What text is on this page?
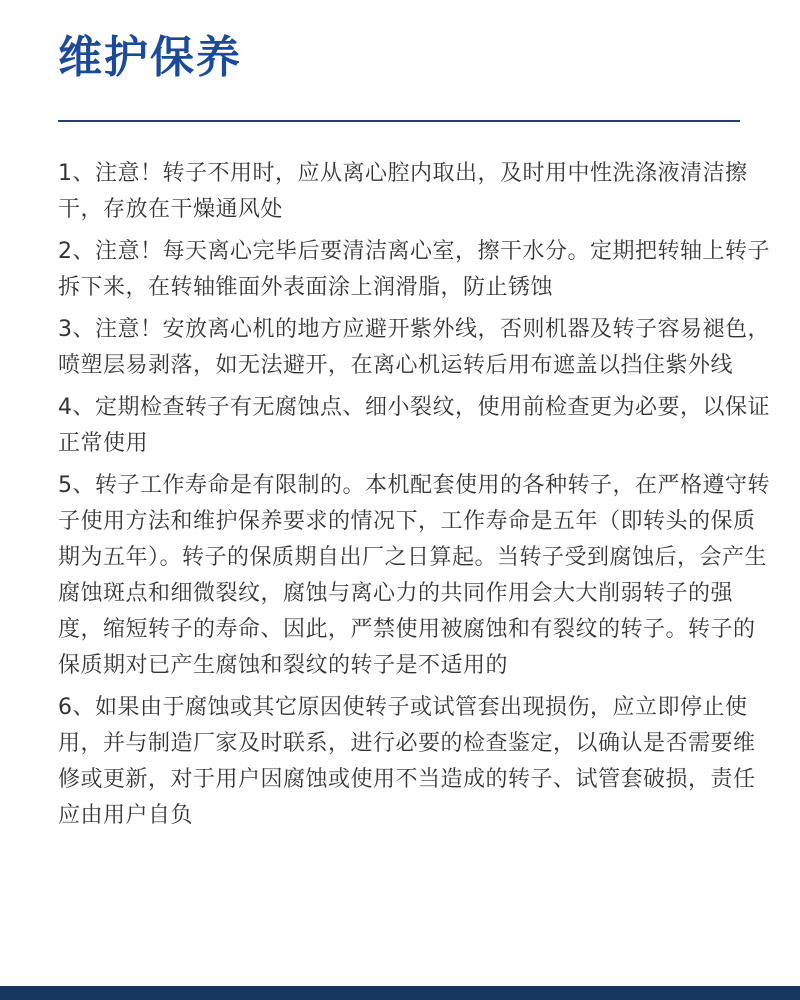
维护保养

1、注意！转子不用时，应从离心腔内取出，及时用中性洗涤液清洁擦干，存放在干燥通风处

2、注意！每天离心完毕后要清洁离心室，擦干水分。定期把转轴上转子拆下来，在转轴锥面外表面涂上润滑脂，防止锈蚀

3、注意！安放离心机的地方应避开紫外线，否则机器及转子容易褪色，喷塑层易剥落，如无法避开，在离心机运转后用布遮盖以挡住紫外线

4、定期检查转子有无腐蚀点、细小裂纹，使用前检查更为必要，以保证正常使用

5、转子工作寿命是有限制的。本机配套使用的各种转子，在严格遵守转子使用方法和维护保养要求的情况下，工作寿命是五年（即转头的保质期为五年）。转子的保质期自出厂之日算起。当转子受到腐蚀后，会产生腐蚀斑点和细微裂纹，腐蚀与离心力的共同作用会大大削弱转子的强度，缩短转子的寿命、因此，严禁使用被腐蚀和有裂纹的转子。转子的保质期对已产生腐蚀和裂纹的转子是不适用的

6、如果由于腐蚀或其它原因使转子或试管套出现损伤，应立即停止使用，并与制造厂家及时联系，进行必要的检查鉴定，以确认是否需要维修或更新，对于用户因腐蚀或使用不当造成的转子、试管套破损，责任应由用户自负
